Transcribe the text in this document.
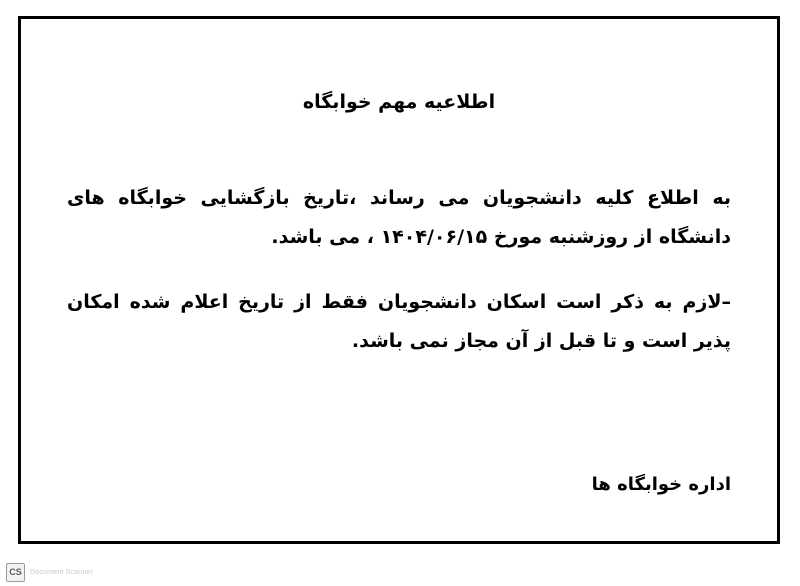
اطلاعیه مهم خوابگاه

به اطلاع کلیه دانشجویان می رساند ،تاریخ بازگشایی خوابگاه های دانشگاه از روزشنبه مورخ ۱۴۰۴/۰۶/۱۵ ، می باشد.

–لازم به ذکر است اسکان دانشجویان فقط از تاریخ اعلام شده امکان پذیر است و تا قبل از آن مجاز نمی باشد.

اداره خوابگاه ها
CS	Document Scanner
